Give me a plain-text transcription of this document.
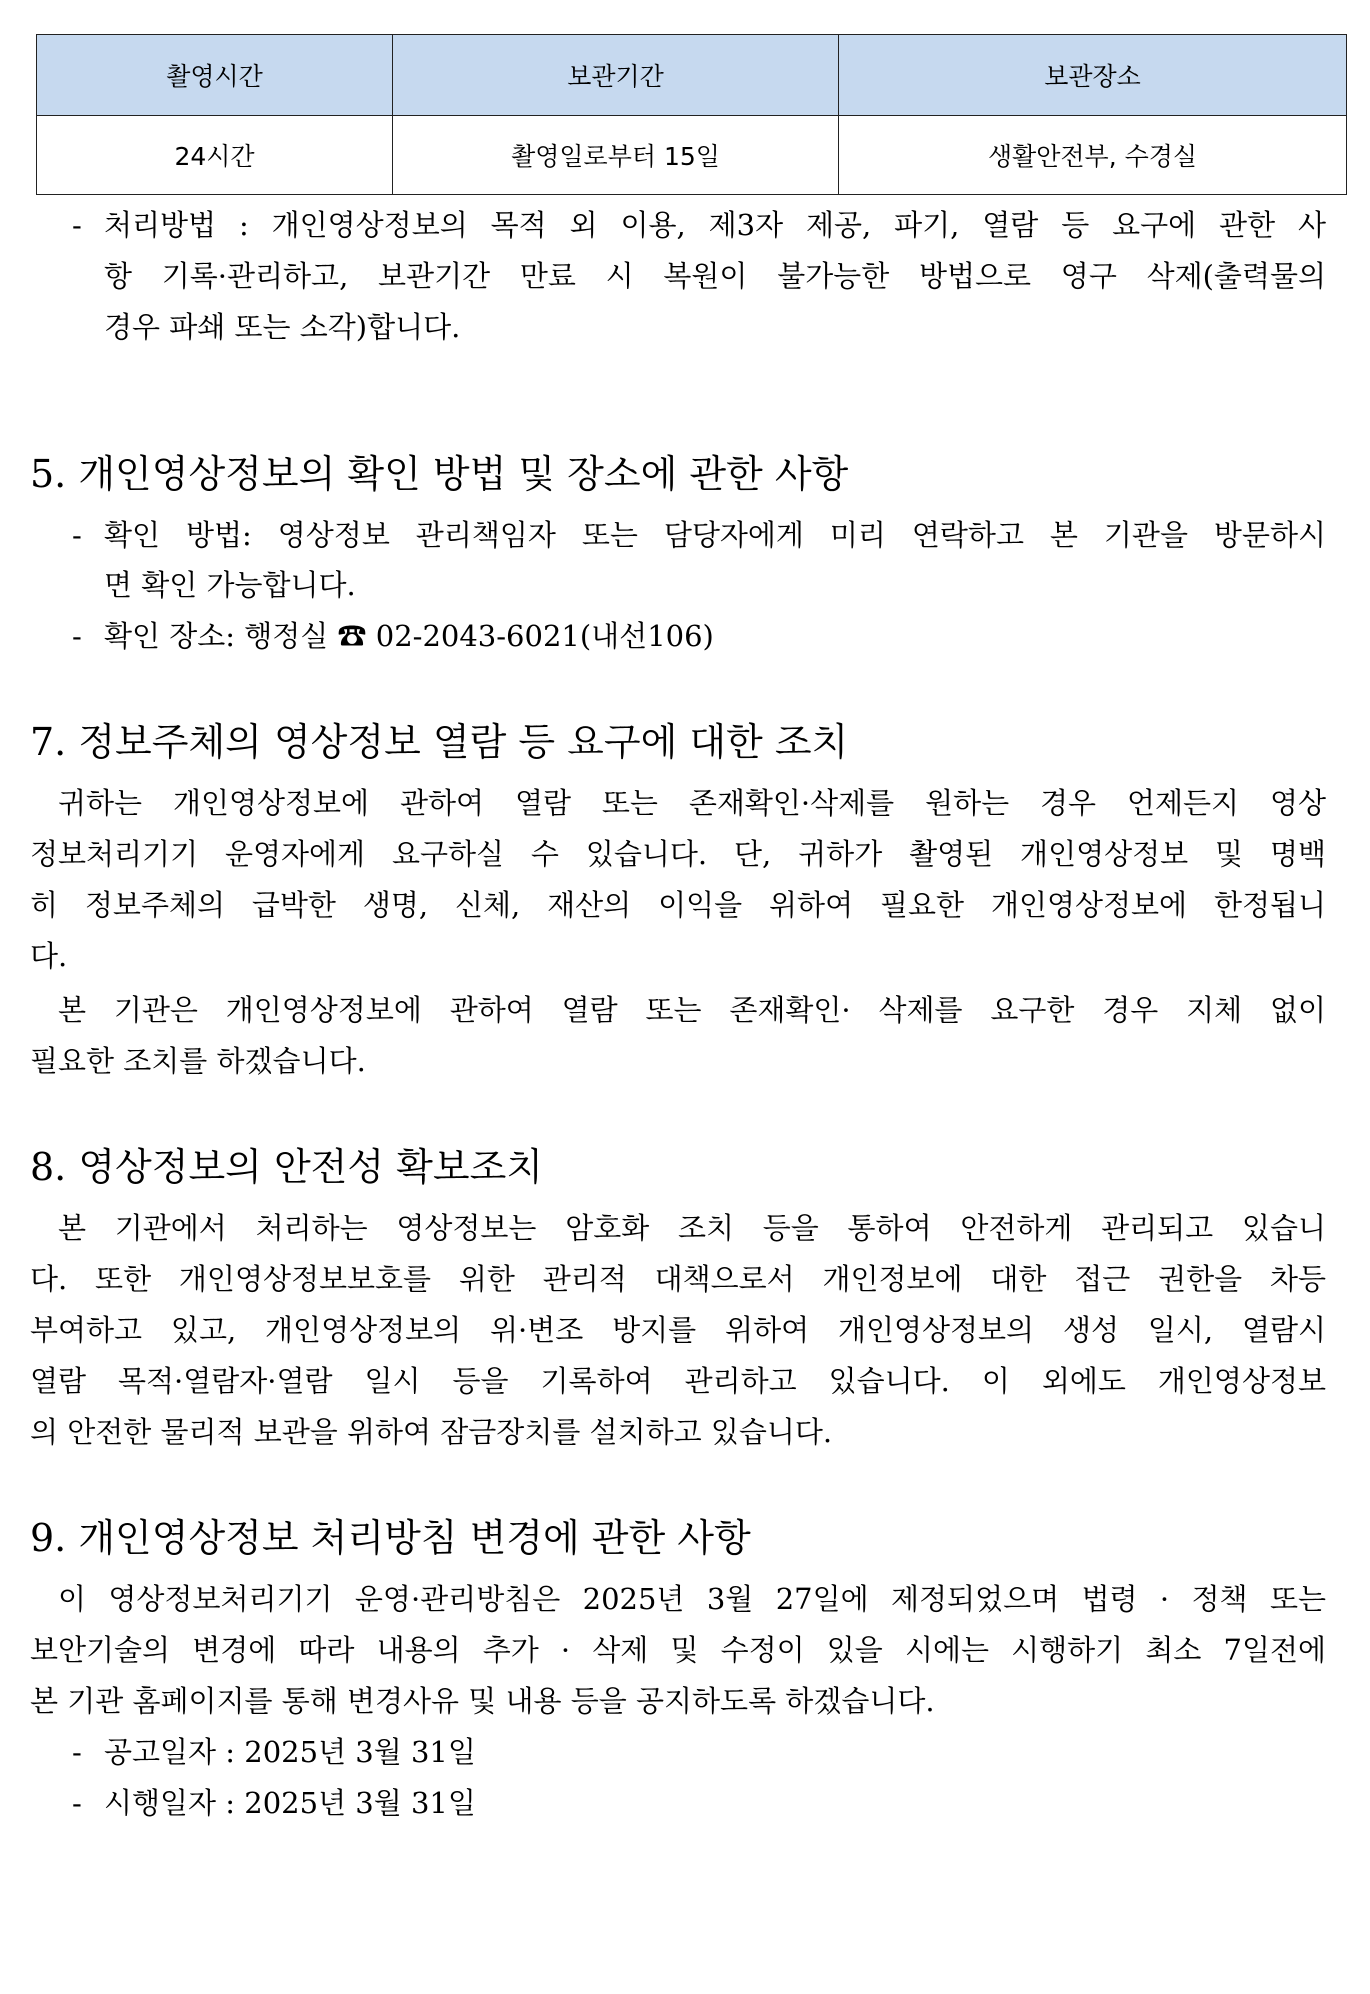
촬영시간	보관기간	보관장소
24시간	촬영일로부터 15일	생활안전부, 수경실
- 처리방법 : 개인영상정보의 목적 외 이용, 제3자 제공, 파기, 열람 등 요구에 관한 사
항 기록·관리하고, 보관기간 만료 시 복원이 불가능한 방법으로 영구 삭제(출력물의
경우 파쇄 또는 소각)합니다.
5. 개인영상정보의 확인 방법 및 장소에 관한 사항
- 확인 방법: 영상정보 관리책임자 또는 담당자에게 미리 연락하고 본 기관을 방문하시
면 확인 가능합니다.
- 확인 장소: 행정실 ☎ 02-2043-6021(내선106)
7. 정보주체의 영상정보 열람 등 요구에 대한 조치
귀하는 개인영상정보에 관하여 열람 또는 존재확인·삭제를 원하는 경우 언제든지 영상
정보처리기기 운영자에게 요구하실 수 있습니다. 단, 귀하가 촬영된 개인영상정보 및 명백
히 정보주체의 급박한 생명, 신체, 재산의 이익을 위하여 필요한 개인영상정보에 한정됩니
다.
본 기관은 개인영상정보에 관하여 열람 또는 존재확인· 삭제를 요구한 경우 지체 없이
필요한 조치를 하겠습니다.
8. 영상정보의 안전성 확보조치
본 기관에서 처리하는 영상정보는 암호화 조치 등을 통하여 안전하게 관리되고 있습니
다. 또한 개인영상정보보호를 위한 관리적 대책으로서 개인정보에 대한 접근 권한을 차등
부여하고 있고, 개인영상정보의 위·변조 방지를 위하여 개인영상정보의 생성 일시, 열람시
열람 목적·열람자·열람 일시 등을 기록하여 관리하고 있습니다. 이 외에도 개인영상정보
의 안전한 물리적 보관을 위하여 잠금장치를 설치하고 있습니다.
9. 개인영상정보 처리방침 변경에 관한 사항
이 영상정보처리기기 운영·관리방침은 2025년 3월 27일에 제정되었으며 법령 · 정책 또는
보안기술의 변경에 따라 내용의 추가 · 삭제 및 수정이 있을 시에는 시행하기 최소 7일전에
본 기관 홈페이지를 통해 변경사유 및 내용 등을 공지하도록 하겠습니다.
- 공고일자 : 2025년 3월 31일
- 시행일자 : 2025년 3월 31일
